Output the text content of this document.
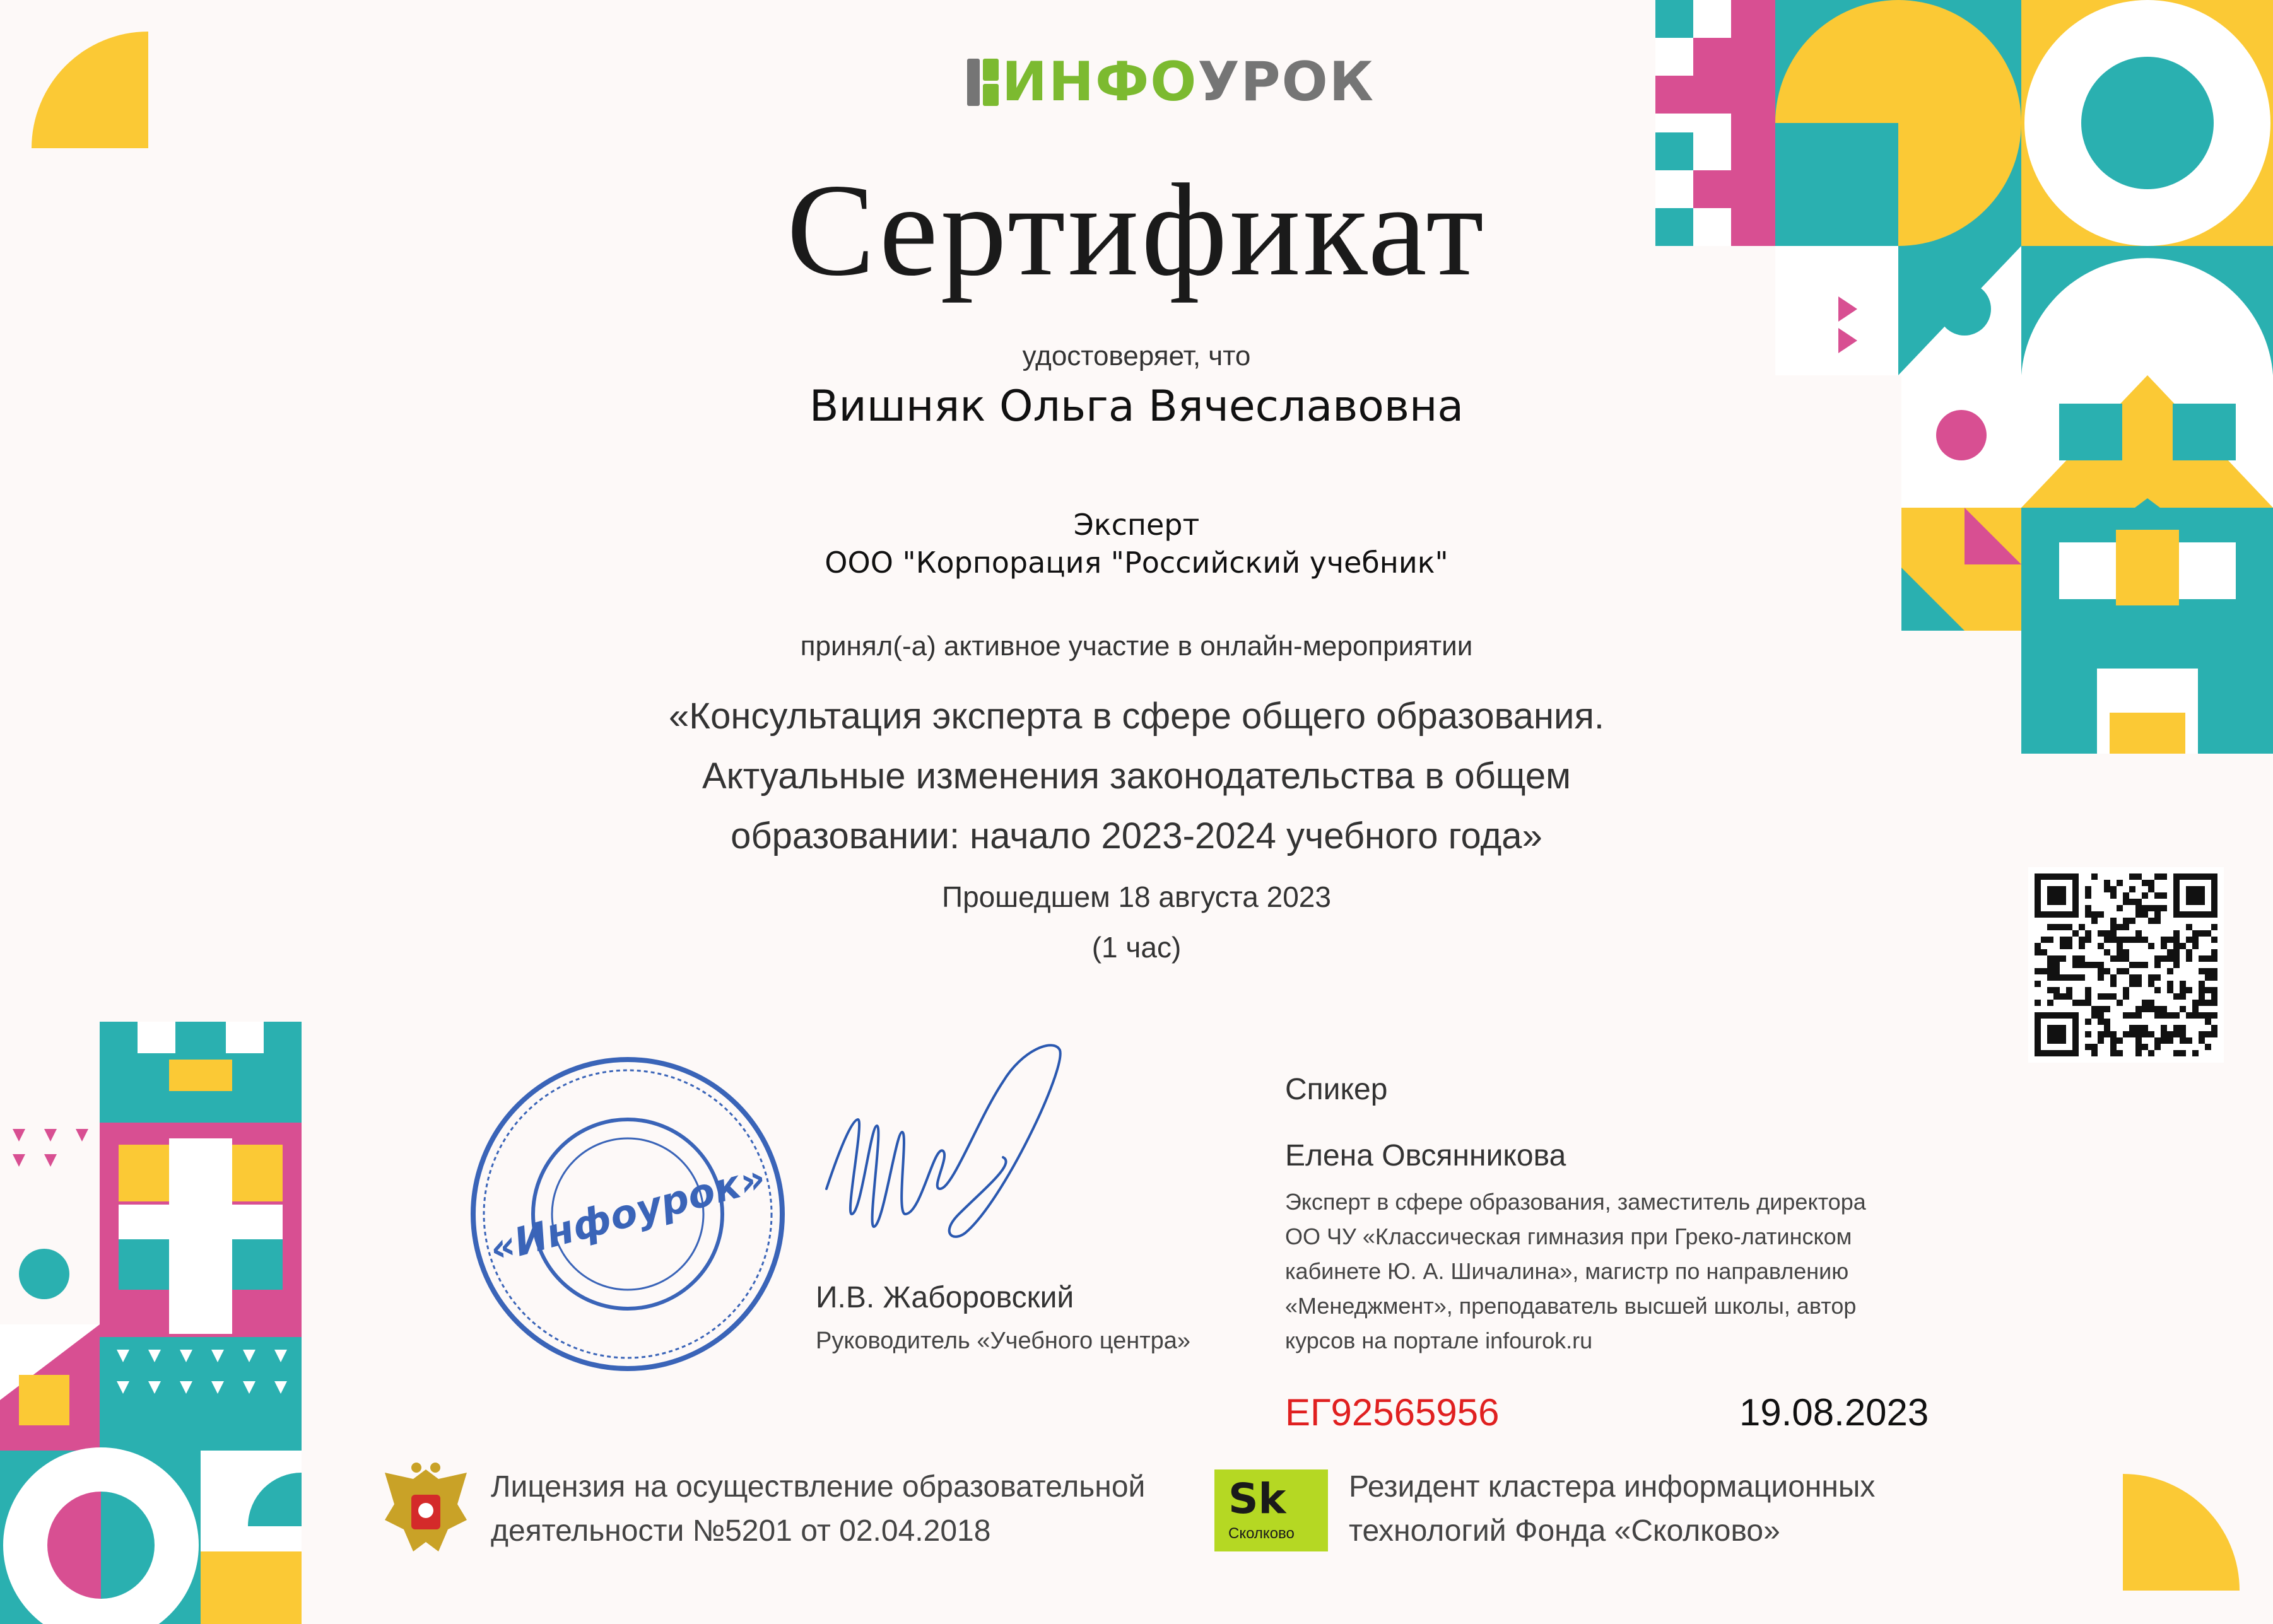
ИНФОУРОК
Сертификат
удостоверяет, что
Вишняк Ольга Вячеславовна
Эксперт
ООО "Корпорация "Российский учебник"
принял(-а) активное участие в онлайн-мероприятии
«Консультация эксперта в сфере общего образования.
Актуальные изменения законодательства в общем
образовании: начало 2023-2024 учебного года»
Прошедшем 18 августа 2023
(1 час)
«Инфоурок»
И.В. Жаборовский
Руководитель «Учебного центра»
Спикер
Елена Овсянникова
Эксперт в сфере образования, заместитель директора
ОО ЧУ «Классическая гимназия при Греко-латинском
кабинете Ю. А. Шичалина», магистр по направлению
«Менеджмент», преподаватель высшей школы, автор
курсов на портале infourok.ru
ЕГ92565956	19.08.2023
Лицензия на осуществление образовательной
деятельности №5201 от 02.04.2018
Sk
Сколково
Резидент кластера информационных
технологий Фонда «Сколково»
